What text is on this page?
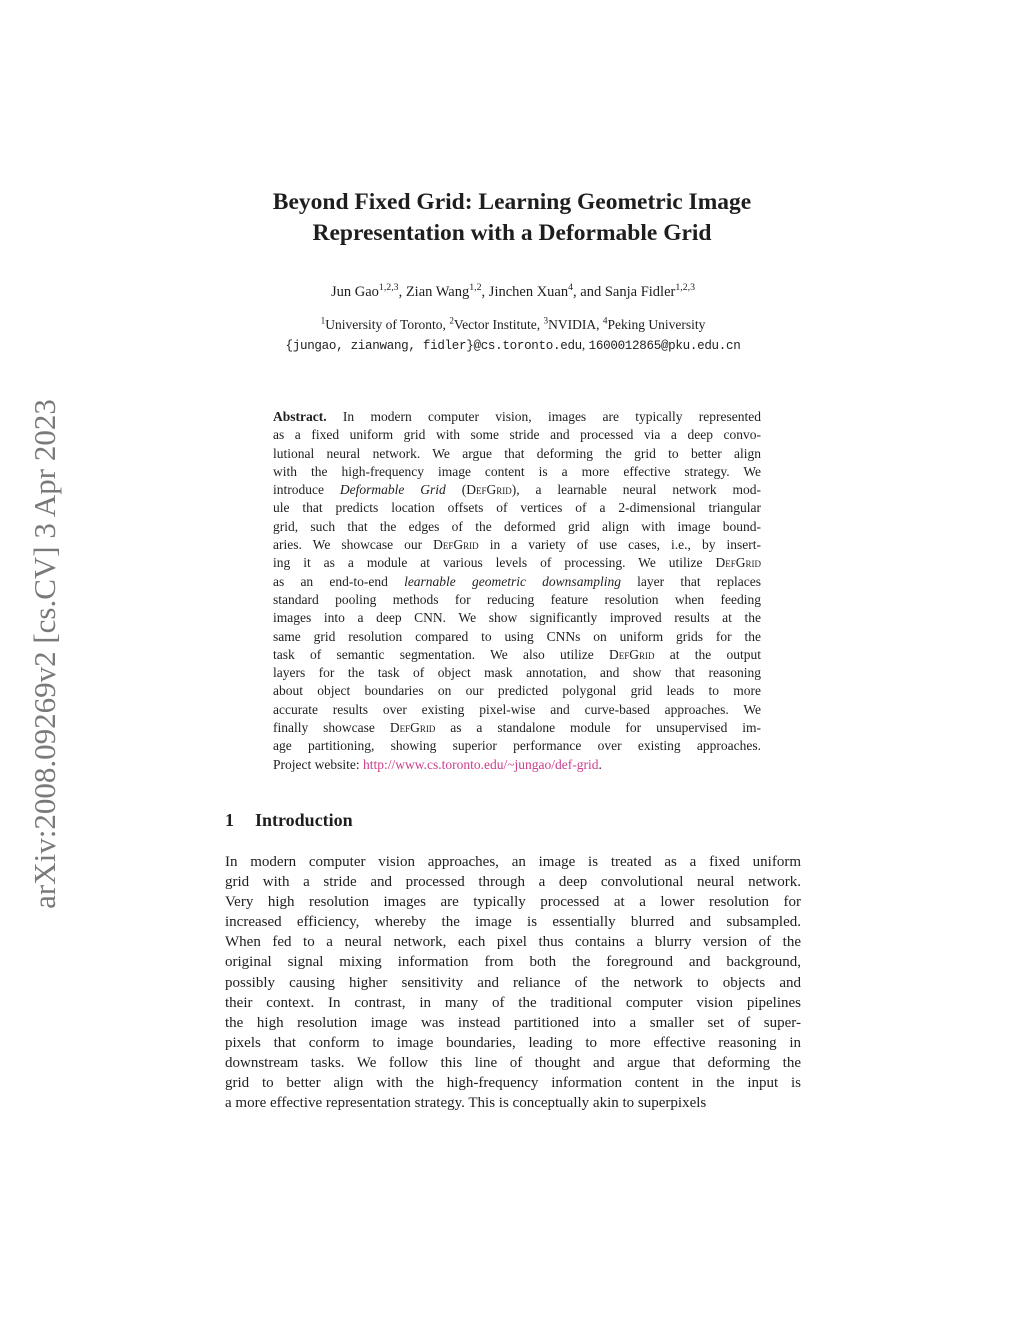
arXiv:2008.09269v2 [cs.CV] 3 Apr 2023
Beyond Fixed Grid: Learning Geometric Image
Representation with a Deformable Grid
Jun Gao$^{1,2,3}$, Zian Wang$^{1,2}$, Jinchen Xuan$^4$, and Sanja Fidler$^{1,2,3}$
$^1$University of Toronto, $^2$Vector Institute, $^3$NVIDIA, $^4$Peking University
{jungao, zianwang, fidler}@cs.toronto.edu, 1600012865@pku.edu.cn
Abstract. In modern computer vision, images are typically represented
as a fixed uniform grid with some stride and processed via a deep convo-
lutional neural network. We argue that deforming the grid to better align
with the high-frequency image content is a more effective strategy. We
introduce Deformable Grid (DefGrid), a learnable neural network mod-
ule that predicts location offsets of vertices of a 2-dimensional triangular
grid, such that the edges of the deformed grid align with image bound-
aries. We showcase our DefGrid in a variety of use cases, i.e., by insert-
ing it as a module at various levels of processing. We utilize DefGrid
as an end-to-end learnable geometric downsampling layer that replaces
standard pooling methods for reducing feature resolution when feeding
images into a deep CNN. We show significantly improved results at the
same grid resolution compared to using CNNs on uniform grids for the
task of semantic segmentation. We also utilize DefGrid at the output
layers for the task of object mask annotation, and show that reasoning
about object boundaries on our predicted polygonal grid leads to more
accurate results over existing pixel-wise and curve-based approaches. We
finally showcase DefGrid as a standalone module for unsupervised im-
age partitioning, showing superior performance over existing approaches.
Project website: http://www.cs.toronto.edu/~jungao/def-grid.
1 Introduction
In modern computer vision approaches, an image is treated as a fixed uniform
grid with a stride and processed through a deep convolutional neural network.
Very high resolution images are typically processed at a lower resolution for
increased efficiency, whereby the image is essentially blurred and subsampled.
When fed to a neural network, each pixel thus contains a blurry version of the
original signal mixing information from both the foreground and background,
possibly causing higher sensitivity and reliance of the network to objects and
their context. In contrast, in many of the traditional computer vision pipelines
the high resolution image was instead partitioned into a smaller set of super-
pixels that conform to image boundaries, leading to more effective reasoning in
downstream tasks. We follow this line of thought and argue that deforming the
grid to better align with the high-frequency information content in the input is
a more effective representation strategy. This is conceptually akin to superpixels
